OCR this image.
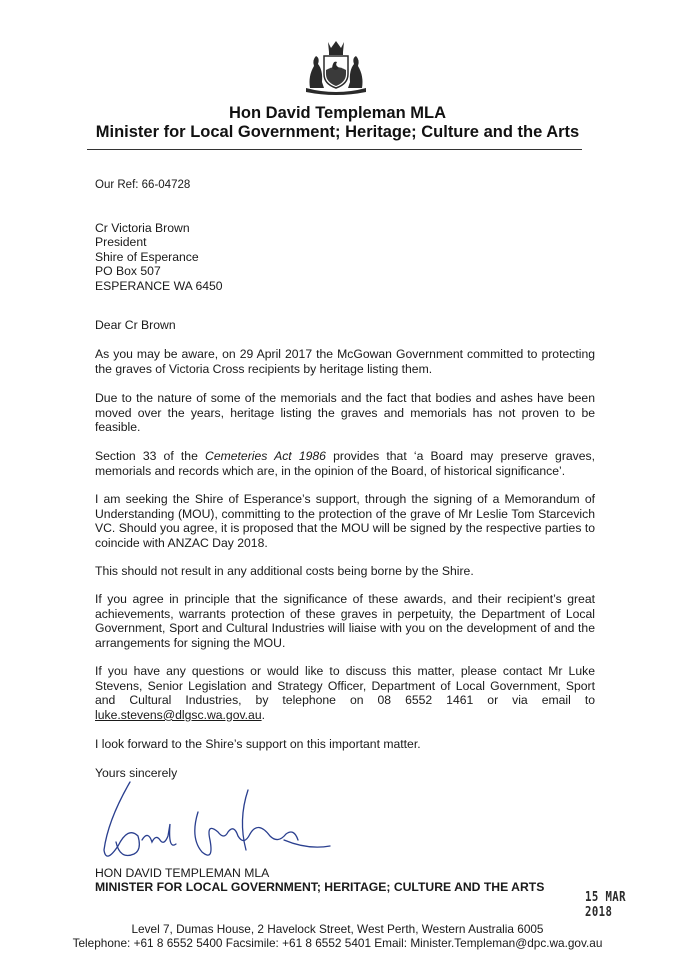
Hon David Templeman MLA
Minister for Local Government; Heritage; Culture and the Arts
Our Ref: 66-04728
Cr Victoria Brown
President
Shire of Esperance
PO Box 507
ESPERANCE WA 6450
Dear Cr Brown
As you may be aware, on 29 April 2017 the McGowan Government committed to protecting the graves of Victoria Cross recipients by heritage listing them.
Due to the nature of some of the memorials and the fact that bodies and ashes have been moved over the years, heritage listing the graves and memorials has not proven to be feasible.
Section 33 of the Cemeteries Act 1986 provides that ‘a Board may preserve graves, memorials and records which are, in the opinion of the Board, of historical significance’.
I am seeking the Shire of Esperance’s support, through the signing of a Memorandum of Understanding (MOU), committing to the protection of the grave of Mr Leslie Tom Starcevich VC. Should you agree, it is proposed that the MOU will be signed by the respective parties to coincide with ANZAC Day 2018.
This should not result in any additional costs being borne by the Shire.
If you agree in principle that the significance of these awards, and their recipient’s great achievements, warrants protection of these graves in perpetuity, the Department of Local Government, Sport and Cultural Industries will liaise with you on the development of and the arrangements for signing the MOU.
If you have any questions or would like to discuss this matter, please contact Mr Luke Stevens, Senior Legislation and Strategy Officer, Department of Local Government, Sport and Cultural Industries, by telephone on 08 6552 1461 or via email to luke.stevens@dlgsc.wa.gov.au.
I look forward to the Shire’s support on this important matter.
Yours sincerely
HON DAVID TEMPLEMAN MLA
MINISTER FOR LOCAL GOVERNMENT; HERITAGE; CULTURE AND THE ARTS
15 MAR 2018
Level 7, Dumas House, 2 Havelock Street, West Perth, Western Australia 6005
Telephone: +61 8 6552 5400 Facsimile: +61 8 6552 5401 Email: Minister.Templeman@dpc.wa.gov.au
